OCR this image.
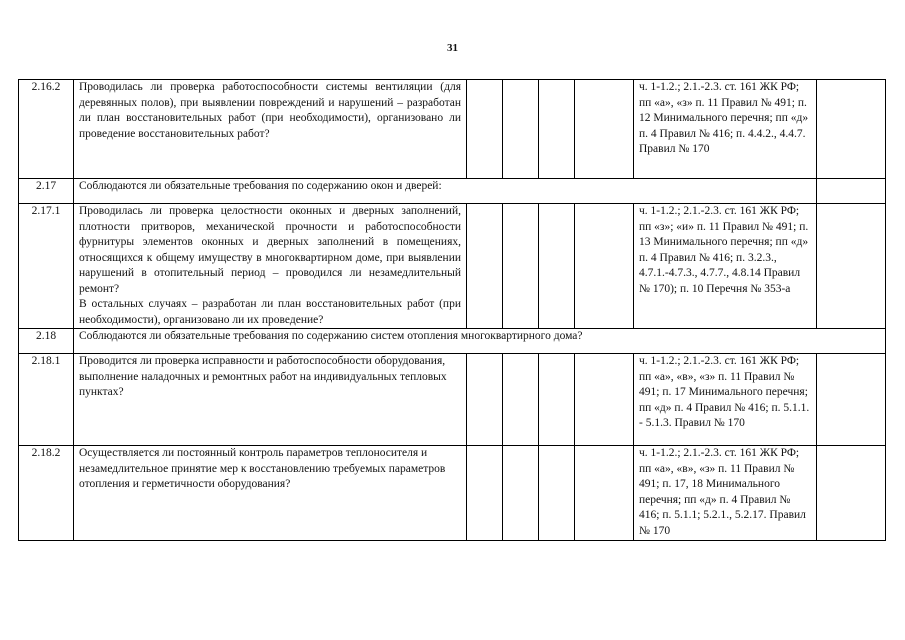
31
2.16.2	Проводилась ли проверка работоспособности системы вентиляции (для деревянных полов), при выявлении повреждений и нарушений – разработан ли план восстановительных работ (при необходимости), организовано ли проведение восстановительных работ?					ч. 1-1.2.; 2.1.-2.3. ст. 161 ЖК РФ; пп «а», «з» п. 11 Правил № 491; п. 12 Минимального перечня; пп «д» п. 4 Правил № 416; п. 4.4.2., 4.4.7. Правил № 170	
2.17	Соблюдаются ли обязательные требования по содержанию окон и дверей:						
2.17.1	Проводилась ли проверка целостности оконных и дверных заполнений, плотности притворов, механической прочности и работоспособности фурнитуры элементов оконных и дверных заполнений в помещениях, относящихся к общему имуществу в многоквартирном доме, при выявлении нарушений в отопительный период – проводился ли незамедлительный ремонт?
В остальных случаях – разработан ли план восстановительных работ (при необходимости), организовано ли их проведение?					ч. 1-1.2.; 2.1.-2.3. ст. 161 ЖК РФ; пп «з»; «и» п. 11 Правил № 491; п. 13 Минимального перечня; пп «д» п. 4 Правил № 416; п. 3.2.3., 4.7.1.-4.7.3., 4.7.7., 4.8.14 Правил № 170); п. 10 Перечня № 353-а	
2.18	Соблюдаются ли обязательные требования по содержанию систем отопления многоквартирного дома?						
2.18.1	Проводится ли проверка исправности и работоспособности оборудования, выполнение наладочных и ремонтных работ на индивидуальных тепловых пунктах?					ч. 1-1.2.; 2.1.-2.3. ст. 161 ЖК РФ; пп «а», «в», «з» п. 11 Правил № 491; п. 17 Минимального перечня; пп «д» п. 4 Правил № 416; п. 5.1.1. - 5.1.3. Правил № 170	
2.18.2	Осуществляется ли постоянный контроль параметров теплоносителя и незамедлительное принятие мер к восстановлению требуемых параметров отопления и герметичности оборудования?					ч. 1-1.2.; 2.1.-2.3. ст. 161 ЖК РФ; пп «а», «в», «з» п. 11 Правил № 491; п. 17, 18 Минимального перечня; пп «д» п. 4 Правил № 416; п. 5.1.1; 5.2.1., 5.2.17. Правил № 170	
